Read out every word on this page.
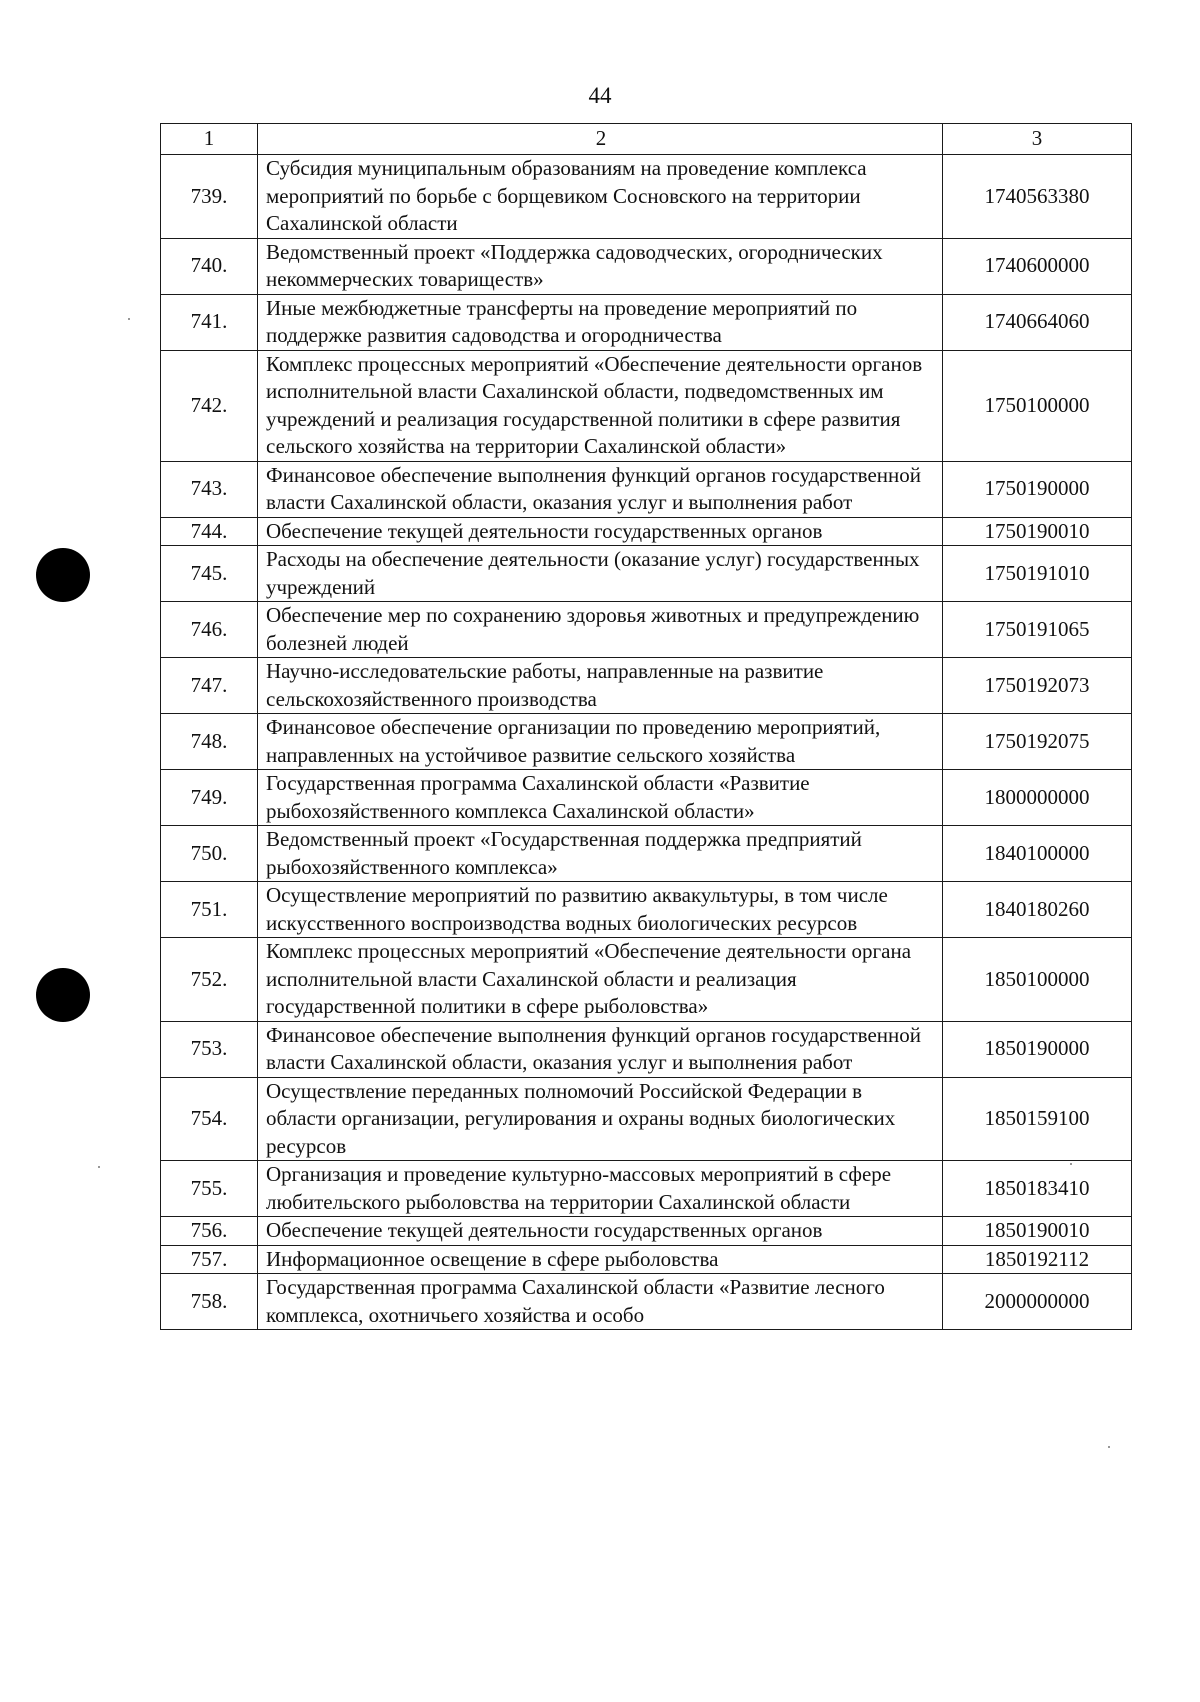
44
1	2	3
739.	Субсидия муниципальным образованиям на проведение комплекса мероприятий по борьбе с борщевиком Сосновского на территории Сахалинской области	1740563380
740.	Ведомственный проект «Поддержка садоводческих, огороднических некоммерческих товариществ»	1740600000
741.	Иные межбюджетные трансферты на проведение мероприятий по поддержке развития садоводства и огородничества	1740664060
742.	Комплекс процессных мероприятий «Обеспечение деятельности органов исполнительной власти Сахалинской области, подведомственных им учреждений и реализация государственной политики в сфере развития сельского хозяйства на территории Сахалинской области»	1750100000
743.	Финансовое обеспечение выполнения функций органов государственной власти Сахалинской области, оказания услуг и выполнения работ	1750190000
744.	Обеспечение текущей деятельности государственных органов	1750190010
745.	Расходы на обеспечение деятельности (оказание услуг) государственных учреждений	1750191010
746.	Обеспечение мер по сохранению здоровья животных и предупреждению болезней людей	1750191065
747.	Научно-исследовательские работы, направленные на развитие сельскохозяйственного производства	1750192073
748.	Финансовое обеспечение организации по проведению мероприятий, направленных на устойчивое развитие сельского хозяйства	1750192075
749.	Государственная программа Сахалинской области «Развитие рыбохозяйственного комплекса Сахалинской области»	1800000000
750.	Ведомственный проект «Государственная поддержка предприятий рыбохозяйственного комплекса»	1840100000
751.	Осуществление мероприятий по развитию аквакультуры, в том числе искусственного воспроизводства водных биологических ресурсов	1840180260
752.	Комплекс процессных мероприятий «Обеспечение деятельности органа исполнительной власти Сахалинской области и реализация государственной политики в сфере рыболовства»	1850100000
753.	Финансовое обеспечение выполнения функций органов государственной власти Сахалинской области, оказания услуг и выполнения работ	1850190000
754.	Осуществление переданных полномочий Российской Федерации в области организации, регулирования и охраны водных биологических ресурсов	1850159100
755.	Организация и проведение культурно-массовых мероприятий в сфере любительского рыболовства на территории Сахалинской области	1850183410
756.	Обеспечение текущей деятельности государственных органов	1850190010
757.	Информационное освещение в сфере рыболовства	1850192112
758.	Государственная программа Сахалинской области «Развитие лесного комплекса, охотничьего хозяйства и особо	2000000000
